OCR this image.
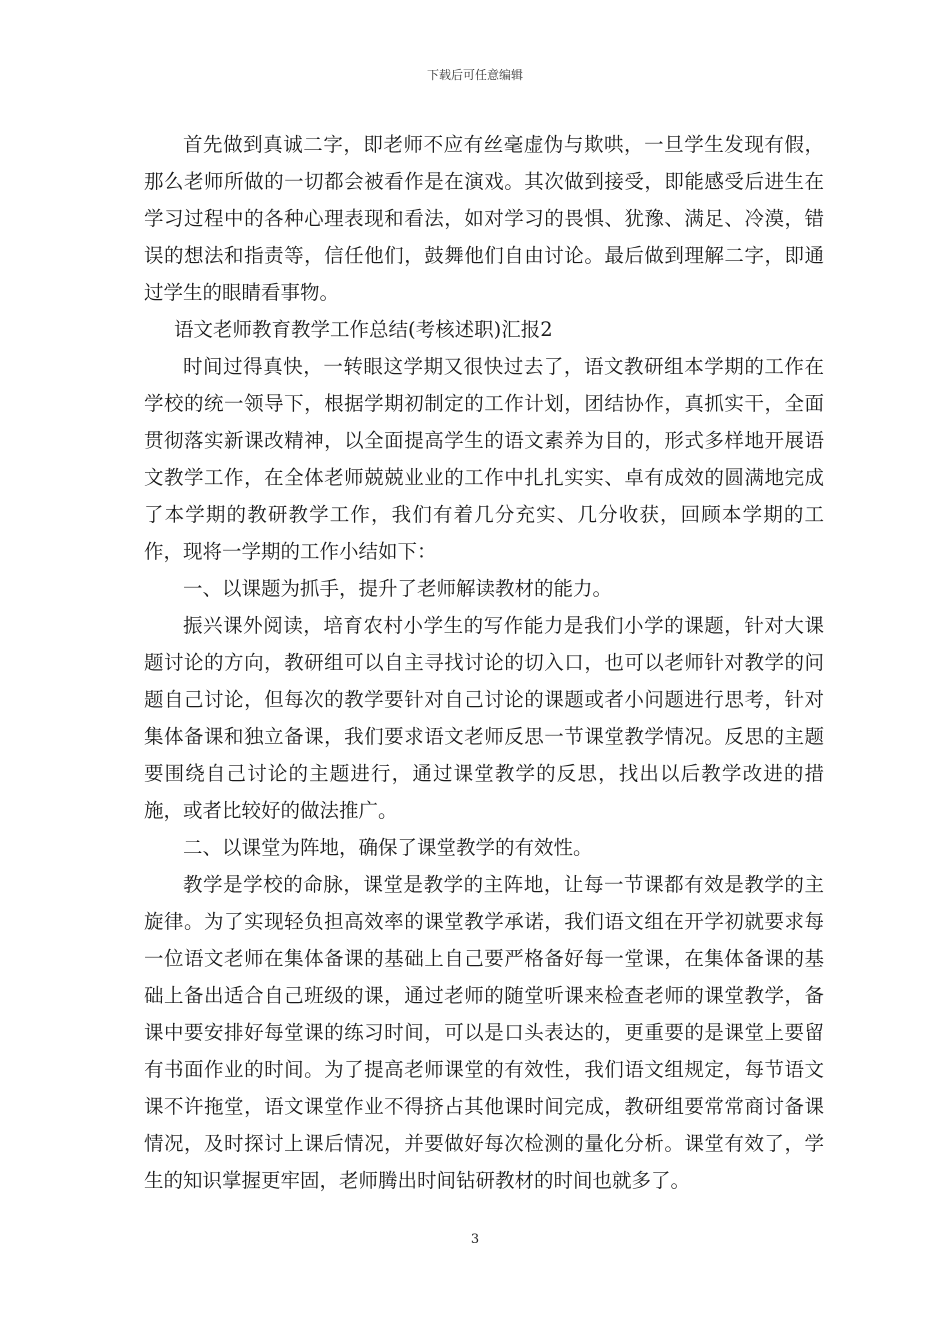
下载后可任意编辑

首先做到真诚二字，即老师不应有丝毫虚伪与欺哄，一旦学生发现有假，那么老师所做的一切都会被看作是在演戏。其次做到接受，即能感受后进生在学习过程中的各种心理表现和看法，如对学习的畏惧、犹豫、满足、冷漠，错误的想法和指责等，信任他们，鼓舞他们自由讨论。最后做到理解二字，即通过学生的眼睛看事物。

语文老师教育教学工作总结(考核述职)汇报2

时间过得真快，一转眼这学期又很快过去了，语文教研组本学期的工作在学校的统一领导下，根据学期初制定的工作计划，团结协作，真抓实干，全面贯彻落实新课改精神，以全面提高学生的语文素养为目的，形式多样地开展语文教学工作，在全体老师兢兢业业的工作中扎扎实实、卓有成效的圆满地完成了本学期的教研教学工作，我们有着几分充实、几分收获，回顾本学期的工作，现将一学期的工作小结如下：

一、以课题为抓手，提升了老师解读教材的能力。

振兴课外阅读，培育农村小学生的写作能力是我们小学的课题，针对大课题讨论的方向，教研组可以自主寻找讨论的切入口，也可以老师针对教学的问题自己讨论，但每次的教学要针对自己讨论的课题或者小问题进行思考，针对集体备课和独立备课，我们要求语文老师反思一节课堂教学情况。反思的主题要围绕自己讨论的主题进行，通过课堂教学的反思，找出以后教学改进的措施，或者比较好的做法推广。

二、以课堂为阵地，确保了课堂教学的有效性。

教学是学校的命脉，课堂是教学的主阵地，让每一节课都有效是教学的主旋律。为了实现轻负担高效率的课堂教学承诺，我们语文组在开学初就要求每一位语文老师在集体备课的基础上自己要严格备好每一堂课，在集体备课的基础上备出适合自己班级的课，通过老师的随堂听课来检查老师的课堂教学，备课中要安排好每堂课的练习时间，可以是口头表达的，更重要的是课堂上要留有书面作业的时间。为了提高老师课堂的有效性，我们语文组规定，每节语文课不许拖堂，语文课堂作业不得挤占其他课时间完成，教研组要常常商讨备课情况，及时探讨上课后情况，并要做好每次检测的量化分析。课堂有效了，学生的知识掌握更牢固，老师腾出时间钻研教材的时间也就多了。

3
